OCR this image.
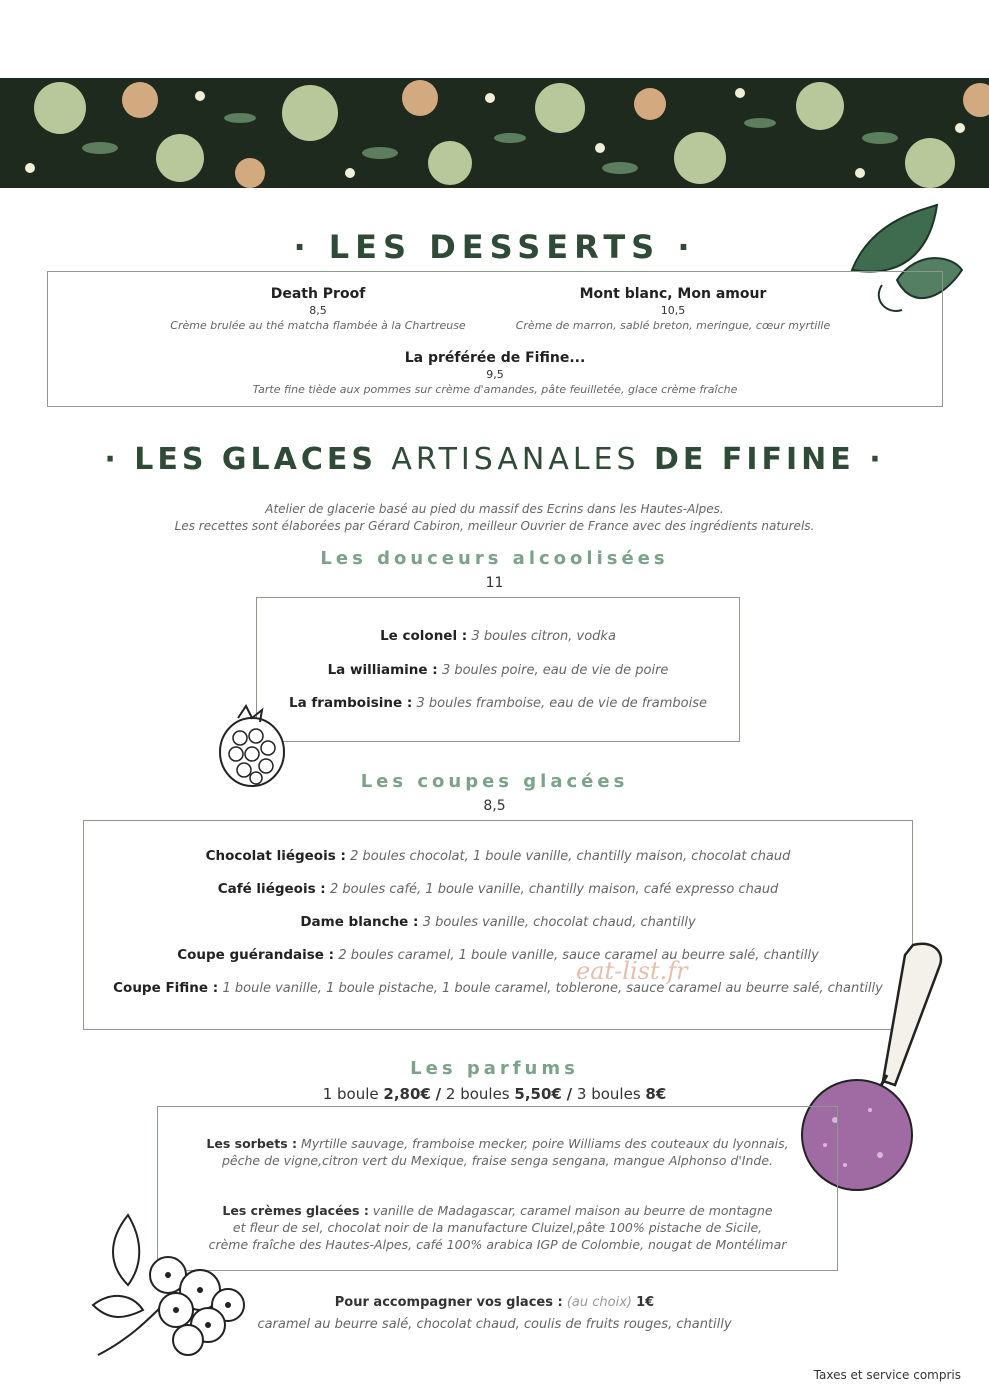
· LES DESSERTS ·
Death Proof
8,5
Crème brulée au thé matcha flambée à la Chartreuse
Mont blanc, Mon amour
10,5
Crème de marron, sablé breton, meringue, cœur myrtille
La préférée de Fifine...
9,5
Tarte fine tiède aux pommes sur crème d'amandes, pâte feuilletée, glace crème fraîche
· LES GLACES ARTISANALES DE FIFINE ·
Atelier de glacerie basé au pied du massif des Ecrins dans les Hautes-Alpes.
Les recettes sont élaborées par Gérard Cabiron, meilleur Ouvrier de France avec des ingrédients naturels.
Les douceurs alcoolisées
11
Le colonel : 3 boules citron, vodka
La williamine : 3 boules poire, eau de vie de poire
La framboisine : 3 boules framboise, eau de vie de framboise
Les coupes glacées
8,5
Chocolat liégeois : 2 boules chocolat, 1 boule vanille, chantilly maison, chocolat chaud
Café liégeois : 2 boules café, 1 boule vanille, chantilly maison, café expresso chaud
Dame blanche : 3 boules vanille, chocolat chaud, chantilly
Coupe guérandaise : 2 boules caramel, 1 boule vanille, sauce caramel au beurre salé, chantilly
Coupe Fifine : 1 boule vanille, 1 boule pistache, 1 boule caramel, toblerone, sauce caramel au beurre salé, chantilly
eat-list.fr
Les parfums
1 boule 2,80€ / 2 boules 5,50€ / 3 boules 8€
Les sorbets : Myrtille sauvage, framboise mecker, poire Williams des couteaux du lyonnais,
pêche de vigne,citron vert du Mexique, fraise senga sengana, mangue Alphonso d'Inde.
Les crèmes glacées : vanille de Madagascar, caramel maison au beurre de montagne
et fleur de sel, chocolat noir de la manufacture Cluizel,pâte 100% pistache de Sicile,
crème fraîche des Hautes-Alpes, café 100% arabica IGP de Colombie, nougat de Montélimar
Pour accompagner vos glaces : (au choix) 1€
caramel au beurre salé, chocolat chaud, coulis de fruits rouges, chantilly
Taxes et service compris
